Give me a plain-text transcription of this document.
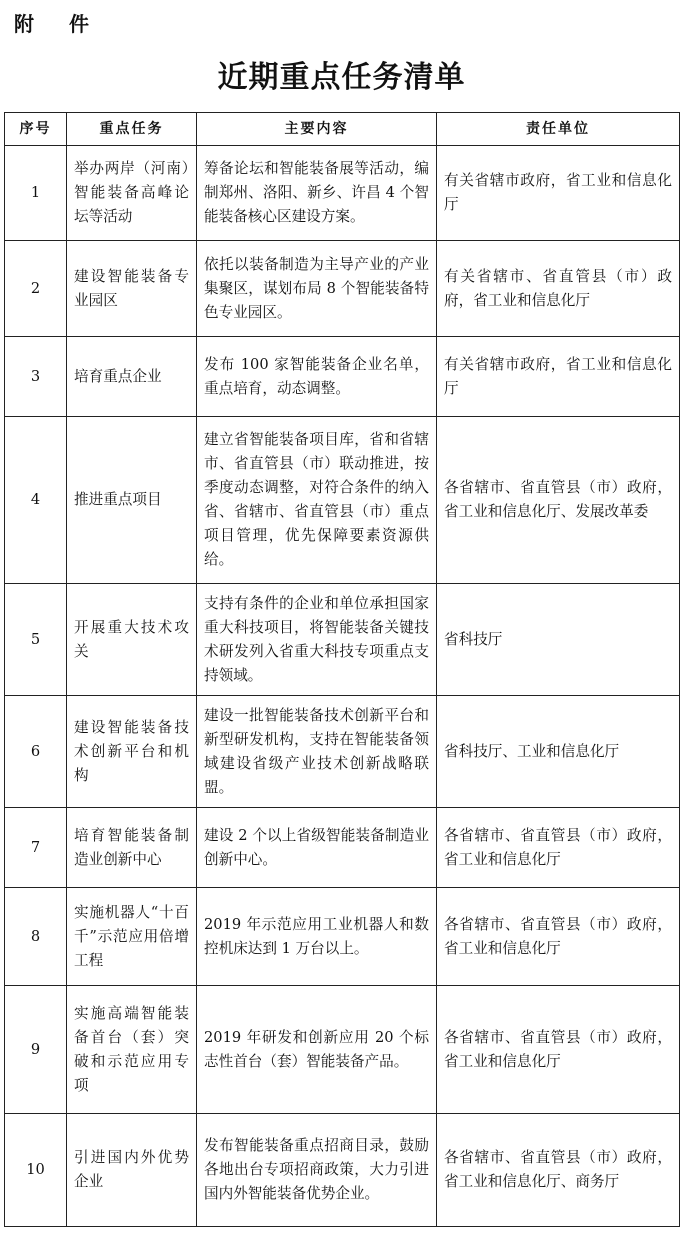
附 件
近期重点任务清单
序号	重点任务	主要内容	责任单位
1	举办两岸（河南）智能装备高峰论坛等活动	筹备论坛和智能装备展等活动，编制郑州、洛阳、新乡、许昌 4 个智能装备核心区建设方案。	有关省辖市政府，省工业和信息化厅
2	建设智能装备专业园区	依托以装备制造为主导产业的产业集聚区，谋划布局 8 个智能装备特色专业园区。	有关省辖市、省直管县（市）政府，省工业和信息化厅
3	培育重点企业	发布 100 家智能装备企业名单，重点培育，动态调整。	有关省辖市政府，省工业和信息化厅
4	推进重点项目	建立省智能装备项目库，省和省辖市、省直管县（市）联动推进，按季度动态调整，对符合条件的纳入省、省辖市、省直管县（市）重点项目管理，优先保障要素资源供给。	各省辖市、省直管县（市）政府，省工业和信息化厅、发展改革委
5	开展重大技术攻关	支持有条件的企业和单位承担国家重大科技项目，将智能装备关键技术研发列入省重大科技专项重点支持领域。	省科技厅
6	建设智能装备技术创新平台和机构	建设一批智能装备技术创新平台和新型研发机构，支持在智能装备领域建设省级产业技术创新战略联盟。	省科技厅、工业和信息化厅
7	培育智能装备制造业创新中心	建设 2 个以上省级智能装备制造业创新中心。	各省辖市、省直管县（市）政府，省工业和信息化厅
8	实施机器人“十百千”示范应用倍增工程	2019 年示范应用工业机器人和数控机床达到 1 万台以上。	各省辖市、省直管县（市）政府，省工业和信息化厅
9	实施高端智能装备首台（套）突破和示范应用专项	2019 年研发和创新应用 20 个标志性首台（套）智能装备产品。	各省辖市、省直管县（市）政府，省工业和信息化厅
10	引进国内外优势企业	发布智能装备重点招商目录，鼓励各地出台专项招商政策，大力引进国内外智能装备优势企业。	各省辖市、省直管县（市）政府，省工业和信息化厅、商务厅
